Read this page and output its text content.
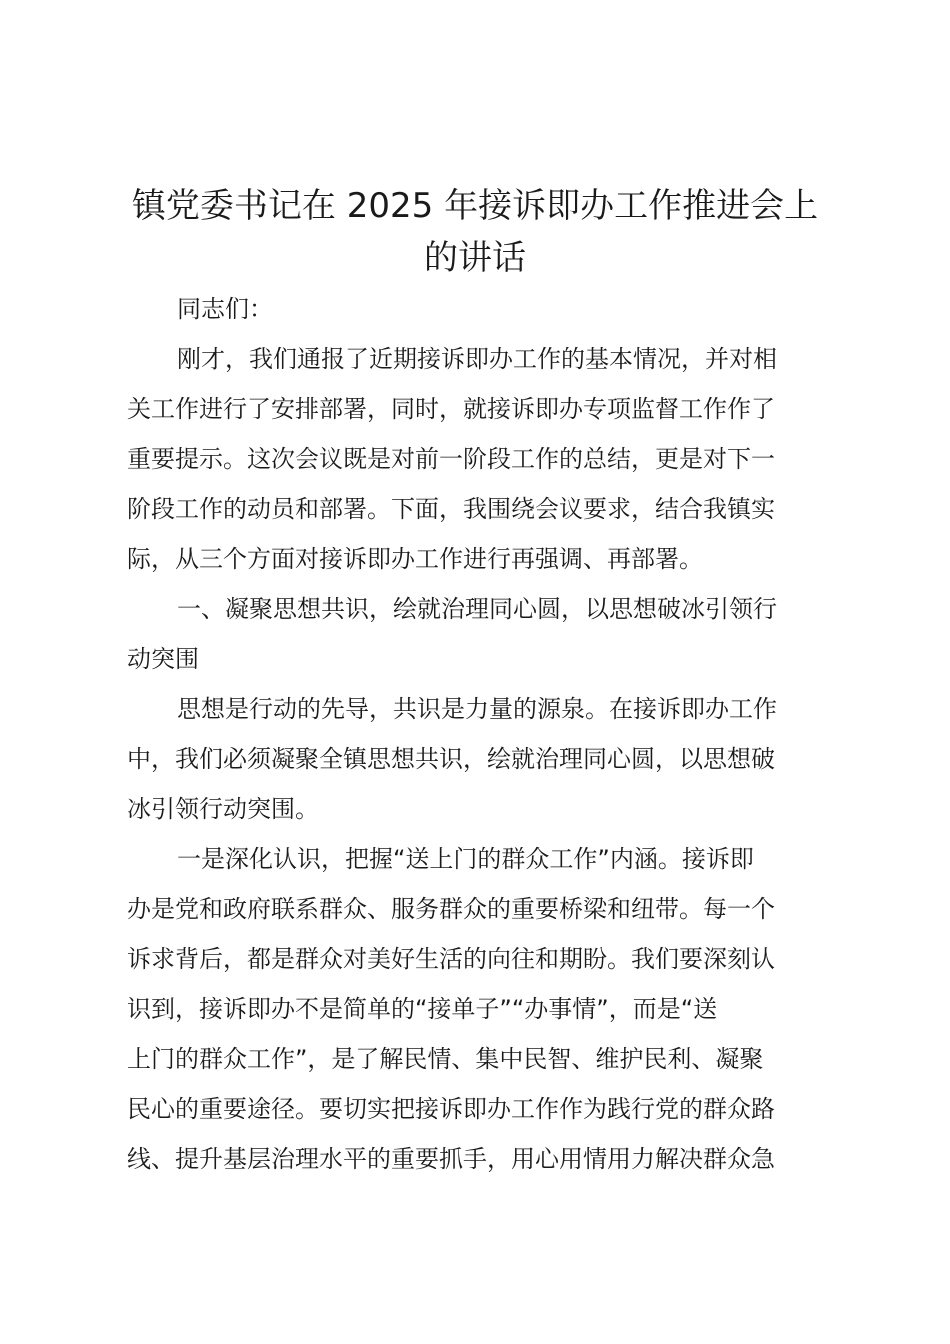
镇党委书记在 2025 年接诉即办工作推进会上
的讲话
同志们：
刚才，我们通报了近期接诉即办工作的基本情况，并对相
关工作进行了安排部署，同时，就接诉即办专项监督工作作了
重要提示。这次会议既是对前一阶段工作的总结，更是对下一
阶段工作的动员和部署。下面，我围绕会议要求，结合我镇实
际，从三个方面对接诉即办工作进行再强调、再部署。
一、凝聚思想共识，绘就治理同心圆，以思想破冰引领行
动突围
思想是行动的先导，共识是力量的源泉。在接诉即办工作
中，我们必须凝聚全镇思想共识，绘就治理同心圆，以思想破
冰引领行动突围。
一是深化认识，把握“送上门的群众工作”内涵。接诉即
办是党和政府联系群众、服务群众的重要桥梁和纽带。每一个
诉求背后，都是群众对美好生活的向往和期盼。我们要深刻认
识到，接诉即办不是简单的“接单子”“办事情”，而是“送
上门的群众工作”，是了解民情、集中民智、维护民利、凝聚
民心的重要途径。要切实把接诉即办工作作为践行党的群众路
线、提升基层治理水平的重要抓手，用心用情用力解决群众急
